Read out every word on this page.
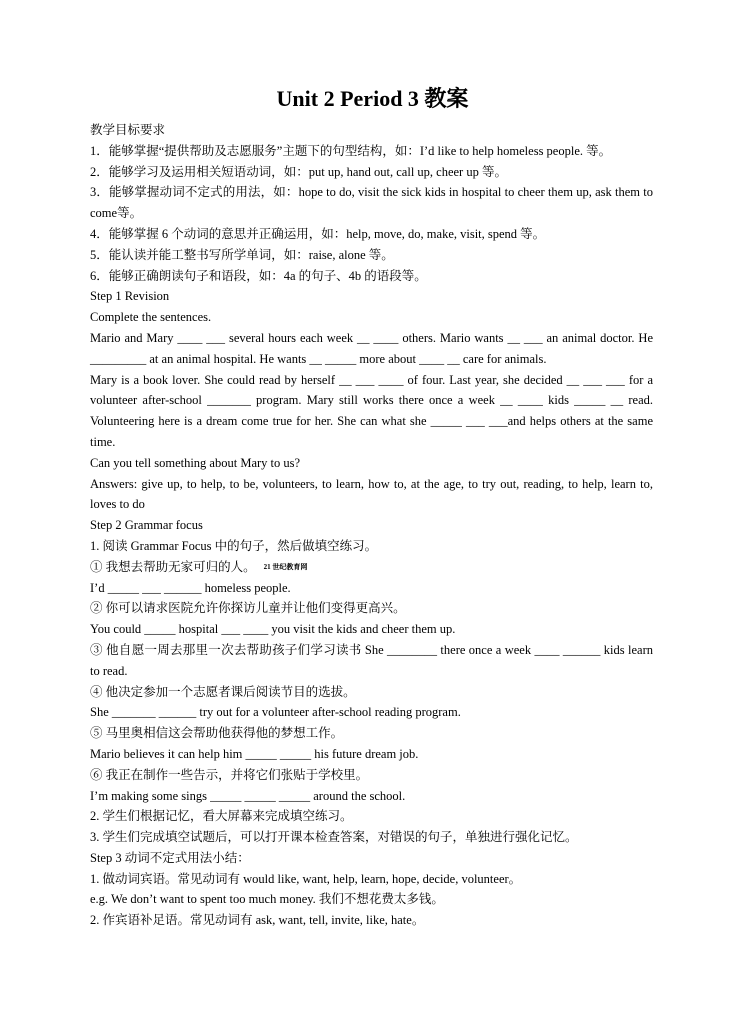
Unit 2 Period 3 教案

教学目标要求

1．能够掌握“提供帮助及志愿服务”主题下的句型结构，如：I’d like to help homeless people. 等。

2．能够学习及运用相关短语动词，如：put up, hand out, call up, cheer up 等。

3．能够掌握动词不定式的用法，如：hope to do, visit the sick kids in hospital to cheer them up, ask them to come等。

4．能够掌握 6 个动词的意思并正确运用，如：help, move, do, make, visit, spend 等。

5．能认读并能工整书写所学单词，如：raise, alone 等。

6．能够正确朗读句子和语段，如：4a 的句子、4b 的语段等。

Step 1 Revision

Complete the sentences.

Mario and Mary ____ ___ several hours each week __ ____ others. Mario wants __ ___ an animal doctor. He _________ at an animal hospital. He wants __ _____ more about ____ __ care for animals.

Mary is a book lover. She could read by herself __ ___ ____ of four. Last year, she decided __ ___ ___ for a volunteer after-school _______ program. Mary still works there once a week __ ____ kids _____ __ read. Volunteering here is a dream come true for her. She can what she _____ ___ ___and helps others at the same time.

Can you tell something about Mary to us?

Answers: give up, to help, to be, volunteers, to learn, how to, at the age, to try out, reading, to help, learn to, loves to do

Step 2 Grammar focus

1. 阅读 Grammar Focus 中的句子，然后做填空练习。

① 我想去帮助无家可归的人。 21 世纪教育网

I’d _____ ___ ______ homeless people.

② 你可以请求医院允许你探访儿童并让他们变得更高兴。

You could _____ hospital ___ ____ you visit the kids and cheer them up.

③ 他自愿一周去那里一次去帮助孩子们学习读书 She ________ there once a week ____ ______ kids learn to read.

④ 他决定参加一个志愿者课后阅读节目的选拔。

She _______ ______ try out for a volunteer after-school reading program.

⑤ 马里奥相信这会帮助他获得他的梦想工作。

Mario believes it can help him _____ _____ his future dream job.

⑥ 我正在制作一些告示，并将它们张贴于学校里。

I’m making some sings _____ _____ _____ around the school.

2. 学生们根据记忆，看大屏幕来完成填空练习。

3. 学生们完成填空试题后，可以打开课本检查答案，对错误的句子，单独进行强化记忆。

Step 3 动词不定式用法小结：

1. 做动词宾语。常见动词有 would like, want, help, learn, hope, decide, volunteer。

e.g. We don’t want to spent too much money. 我们不想花费太多钱。

2. 作宾语补足语。常见动词有 ask, want, tell, invite, like, hate。
